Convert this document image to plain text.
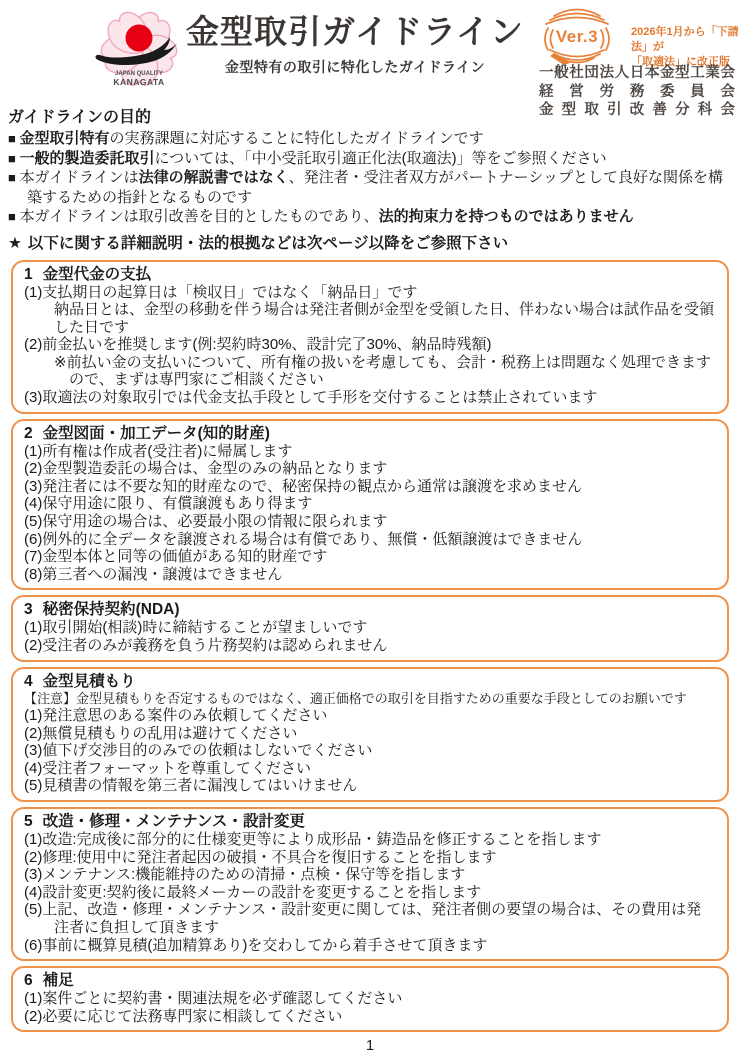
JAPAN QUALITY
KANAGATA
金型取引ガイドライン
金型特有の取引に特化したガイドライン
Ver.3	2026年1月から「下請法」が
「取適法」に改正版
一般社団法人日本金型工業会
経営労務委員会
金型取引改善分科会
ガイドラインの目的
■ 金型取引特有の実務課題に対応することに特化したガイドラインです
■ 一般的製造委託取引については、「中小受託取引適正化法(取適法)」等をご参照ください
■ 本ガイドラインは法律の解説書ではなく、発注者・受注者双方がパートナーシップとして良好な関係を構築するための指針となるものです
■ 本ガイドラインは取引改善を目的としたものであり、法的拘束力を持つものではありません
★ 以下に関する詳細説明・法的根拠などは次ページ以降をご参照下さい
1 金型代金の支払
(1)支払期日の起算日は「検収日」ではなく「納品日」です
納品日とは、金型の移動を伴う場合は発注者側が金型を受領した日、伴わない場合は試作品を受領した日です
(2)前金払いを推奨します(例:契約時30%、設計完了30%、納品時残額)
※前払い金の支払いについて、所有権の扱いを考慮しても、会計・税務上は問題なく処理できますので、まずは専門家にご相談ください
(3)取適法の対象取引では代金支払手段として手形を交付することは禁止されています
2 金型図面・加工データ(知的財産)
(1)所有権は作成者(受注者)に帰属します
(2)金型製造委託の場合は、金型のみの納品となります
(3)発注者には不要な知的財産なので、秘密保持の観点から通常は譲渡を求めません
(4)保守用途に限り、有償譲渡もあり得ます
(5)保守用途の場合は、必要最小限の情報に限られます
(6)例外的に全データを譲渡される場合は有償であり、無償・低額譲渡はできません
(7)金型本体と同等の価値がある知的財産です
(8)第三者への漏洩・譲渡はできません
3 秘密保持契約(NDA)
(1)取引開始(相談)時に締結することが望ましいです
(2)受注者のみが義務を負う片務契約は認められません
4 金型見積もり
【注意】金型見積もりを否定するものではなく、適正価格での取引を目指すための重要な手段としてのお願いです
(1)発注意思のある案件のみ依頼してください
(2)無償見積もりの乱用は避けてください
(3)値下げ交渉目的のみでの依頼はしないでください
(4)受注者フォーマットを尊重してください
(5)見積書の情報を第三者に漏洩してはいけません
5 改造・修理・メンテナンス・設計変更
(1)改造:完成後に部分的に仕様変更等により成形品・鋳造品を修正することを指します
(2)修理:使用中に発注者起因の破損・不具合を復旧することを指します
(3)メンテナンス:機能維持のための清掃・点検・保守等を指します
(4)設計変更:契約後に最終メーカーの設計を変更することを指します
(5)上記、改造・修理・メンテナンス・設計変更に関しては、発注者側の要望の場合は、その費用は発注者に負担して頂きます
(6)事前に概算見積(追加精算あり)を交わしてから着手させて頂きます
6 補足
(1)案件ごとに契約書・関連法規を必ず確認してください
(2)必要に応じて法務専門家に相談してください
1
